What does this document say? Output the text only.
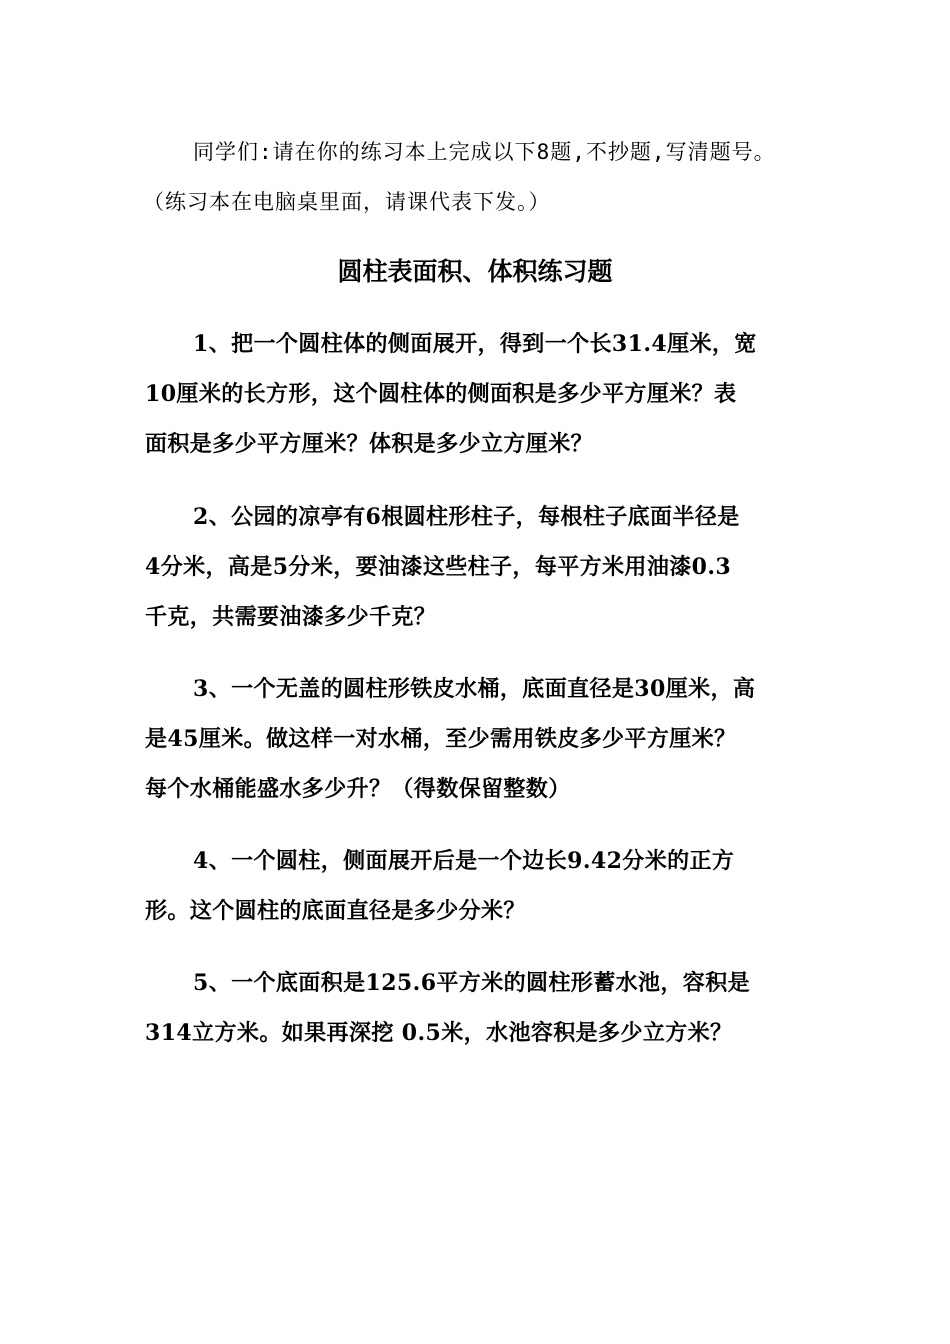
同学们:请在你的练习本上完成以下8题,不抄题,写清题号。
（练习本在电脑桌里面，请课代表下发。）
圆柱表面积、体积练习题
1、把一个圆柱体的侧面展开，得到一个长31.4厘米，宽
10厘米的长方形，这个圆柱体的侧面积是多少平方厘米？表
面积是多少平方厘米？体积是多少立方厘米？
2、公园的凉亭有6根圆柱形柱子，每根柱子底面半径是
4分米，高是5分米，要油漆这些柱子，每平方米用油漆0.3
千克，共需要油漆多少千克？
3、一个无盖的圆柱形铁皮水桶，底面直径是30厘米，高
是45厘米。做这样一对水桶，至少需用铁皮多少平方厘米？
每个水桶能盛水多少升？（得数保留整数）
4、一个圆柱，侧面展开后是一个边长9.42分米的正方
形。这个圆柱的底面直径是多少分米？
5、一个底面积是125.6平方米的圆柱形蓄水池，容积是
314立方米。如果再深挖 0.5米，水池容积是多少立方米？
